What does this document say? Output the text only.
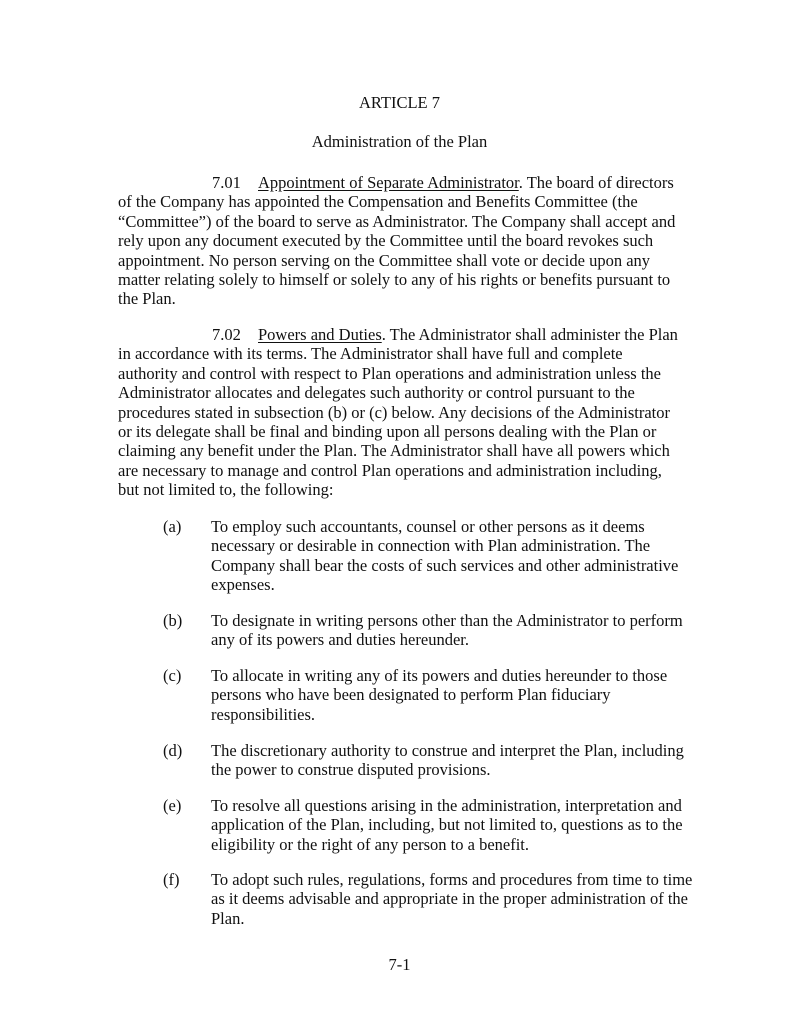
ARTICLE 7
Administration of the Plan

7.01 Appointment of Separate Administrator. The board of directors of the Company has appointed the Compensation and Benefits Committee (the “Committee”) of the board to serve as Administrator. The Company shall accept and rely upon any document executed by the Committee until the board revokes such appointment. No person serving on the Committee shall vote or decide upon any matter relating solely to himself or solely to any of his rights or benefits pursuant to the Plan.

7.02 Powers and Duties. The Administrator shall administer the Plan in accordance with its terms. The Administrator shall have full and complete authority and control with respect to Plan operations and administration unless the Administrator allocates and delegates such authority or control pursuant to the procedures stated in subsection (b) or (c) below. Any decisions of the Administrator or its delegate shall be final and binding upon all persons dealing with the Plan or claiming any benefit under the Plan. The Administrator shall have all powers which are necessary to manage and control Plan operations and administration including, but not limited to, the following:

(a)	To employ such accountants, counsel or other persons as it deems necessary or desirable in connection with Plan administration. The Company shall bear the costs of such services and other administrative expenses.
(b)	To designate in writing persons other than the Administrator to perform any of its powers and duties hereunder.
(c)	To allocate in writing any of its powers and duties hereunder to those persons who have been designated to perform Plan fiduciary responsibilities.
(d)	The discretionary authority to construe and interpret the Plan, including the power to construe disputed provisions.
(e)	To resolve all questions arising in the administration, interpretation and application of the Plan, including, but not limited to, questions as to the eligibility or the right of any person to a benefit.
(f)	To adopt such rules, regulations, forms and procedures from time to time as it deems advisable and appropriate in the proper administration of the Plan.
7-1
